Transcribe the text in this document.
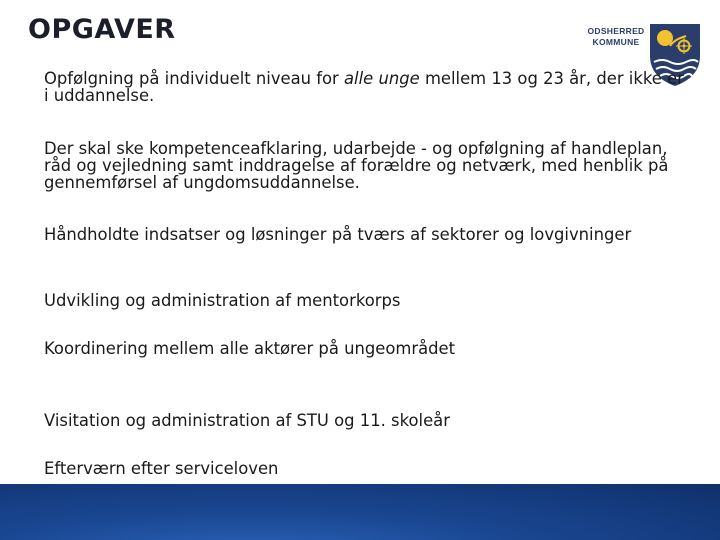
OPGAVER	ODSHERRED
KOMMUNE

Opfølgning på individuelt niveau for alle unge mellem 13 og 23 år, der ikke er i uddannelse.

Der skal ske kompetenceafklaring, udarbejde - og opfølgning af handleplan, råd og vejledning samt inddragelse af forældre og netværk, med henblik på gennemførsel af ungdomsuddannelse.

Håndholdte indsatser og løsninger på tværs af sektorer og lovgivninger

Udvikling og administration af mentorkorps

Koordinering mellem alle aktører på ungeområdet

Visitation og administration af STU og 11. skoleår

Efterværn efter serviceloven
